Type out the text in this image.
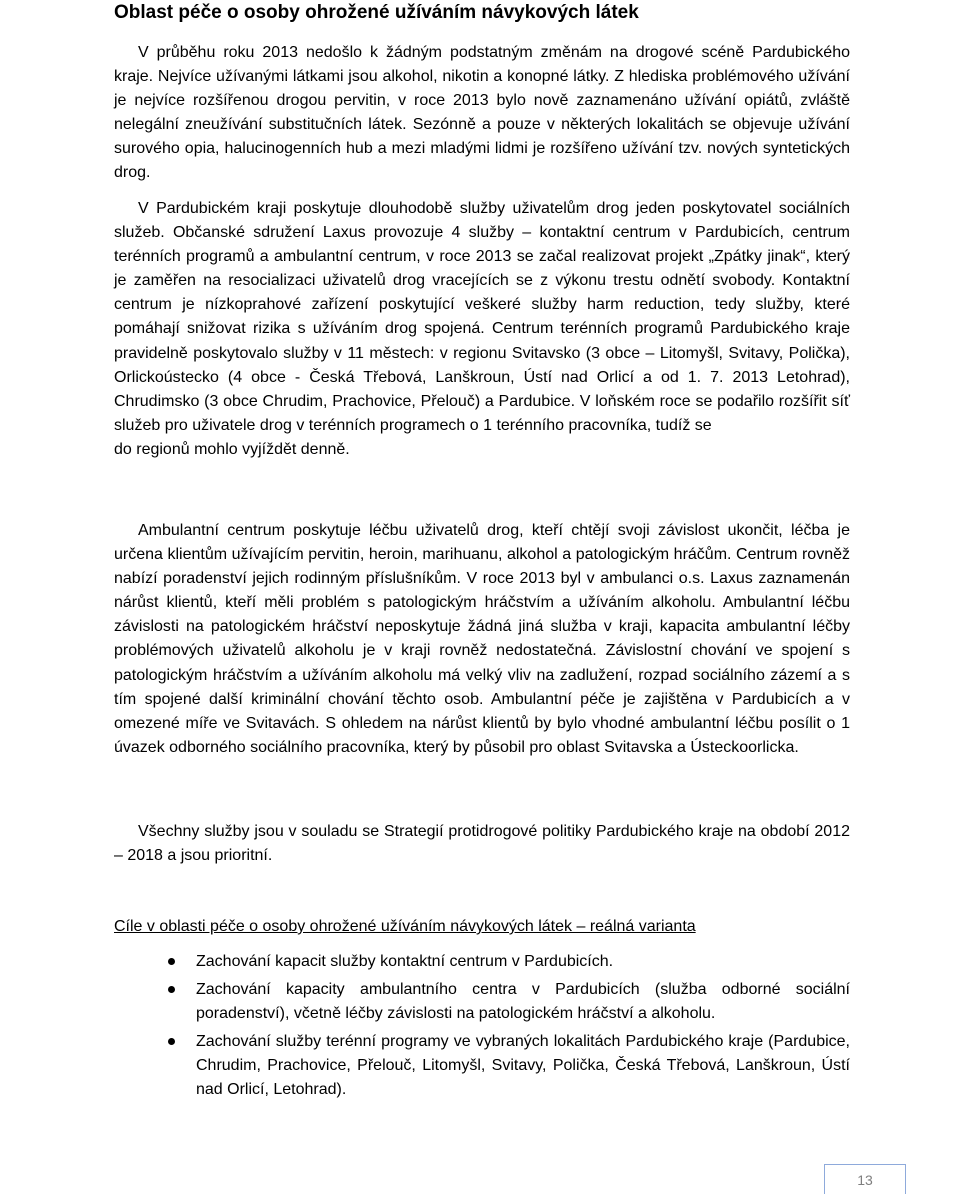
Oblast péče o osoby ohrožené užíváním návykových látek

V průběhu roku 2013 nedošlo k žádným podstatným změnám na drogové scéně Pardubického kraje. Nejvíce užívanými látkami jsou alkohol, nikotin a konopné látky. Z hlediska problémového užívání je nejvíce rozšířenou drogou pervitin, v roce 2013 bylo nově zaznamenáno užívání opiátů, zvláště nelegální zneužívání substitučních látek. Sezónně a pouze v některých lokalitách se objevuje užívání surového opia, halucinogenních hub a mezi mladými lidmi je rozšířeno užívání tzv. nových syntetických drog.

V Pardubickém kraji poskytuje dlouhodobě služby uživatelům drog jeden poskytovatel sociálních služeb. Občanské sdružení Laxus provozuje 4 služby – kontaktní centrum v Pardubicích, centrum terénních programů a ambulantní centrum, v roce 2013 se začal realizovat projekt „Zpátky jinak“, který je zaměřen na resocializaci uživatelů drog vracejících se z výkonu trestu odnětí svobody. Kontaktní centrum je nízkoprahové zařízení poskytující veškeré služby harm reduction, tedy služby, které pomáhají snižovat rizika s užíváním drog spojená. Centrum terénních programů Pardubického kraje pravidelně poskytovalo služby v 11 městech: v regionu Svitavsko (3 obce – Litomyšl, Svitavy, Polička), Orlickoústecko (4 obce - Česká Třebová, Lanškroun, Ústí nad Orlicí a od 1. 7. 2013 Letohrad), Chrudimsko (3 obce Chrudim, Prachovice, Přelouč) a Pardubice. V loňském roce se podařilo rozšířit síť služeb pro uživatele drog v terénních programech o 1 terénního pracovníka, tudíž se
do regionů mohlo vyjíždět denně.

Ambulantní centrum poskytuje léčbu uživatelů drog, kteří chtějí svoji závislost ukončit, léčba je určena klientům užívajícím pervitin, heroin, marihuanu, alkohol a patologickým hráčům. Centrum rovněž nabízí poradenství jejich rodinným příslušníkům. V roce 2013 byl v ambulanci o.s. Laxus zaznamenán nárůst klientů, kteří měli problém s patologickým hráčstvím a užíváním alkoholu. Ambulantní léčbu závislosti na patologickém hráčství neposkytuje žádná jiná služba v kraji, kapacita ambulantní léčby problémových uživatelů alkoholu je v kraji rovněž nedostatečná. Závislostní chování ve spojení s patologickým hráčstvím a užíváním alkoholu má velký vliv na zadlužení, rozpad sociálního zázemí a s tím spojené další kriminální chování těchto osob. Ambulantní péče je zajištěna v Pardubicích a v omezené míře ve Svitavách. S ohledem na nárůst klientů by bylo vhodné ambulantní léčbu posílit o 1 úvazek odborného sociálního pracovníka, který by působil pro oblast Svitavska a Ústeckoorlicka.

Všechny služby jsou v souladu se Strategií protidrogové politiky Pardubického kraje na období 2012 – 2018 a jsou prioritní.

Cíle v oblasti péče o osoby ohrožené užíváním návykových látek – reálná varianta

Zachování kapacit služby kontaktní centrum v Pardubicích.
Zachování kapacity ambulantního centra v Pardubicích (služba odborné sociální poradenství), včetně léčby závislosti na patologickém hráčství a alkoholu.
Zachování služby terénní programy ve vybraných lokalitách Pardubického kraje (Pardubice, Chrudim, Prachovice, Přelouč, Litomyšl, Svitavy, Polička, Česká Třebová, Lanškroun, Ústí nad Orlicí, Letohrad).
13
